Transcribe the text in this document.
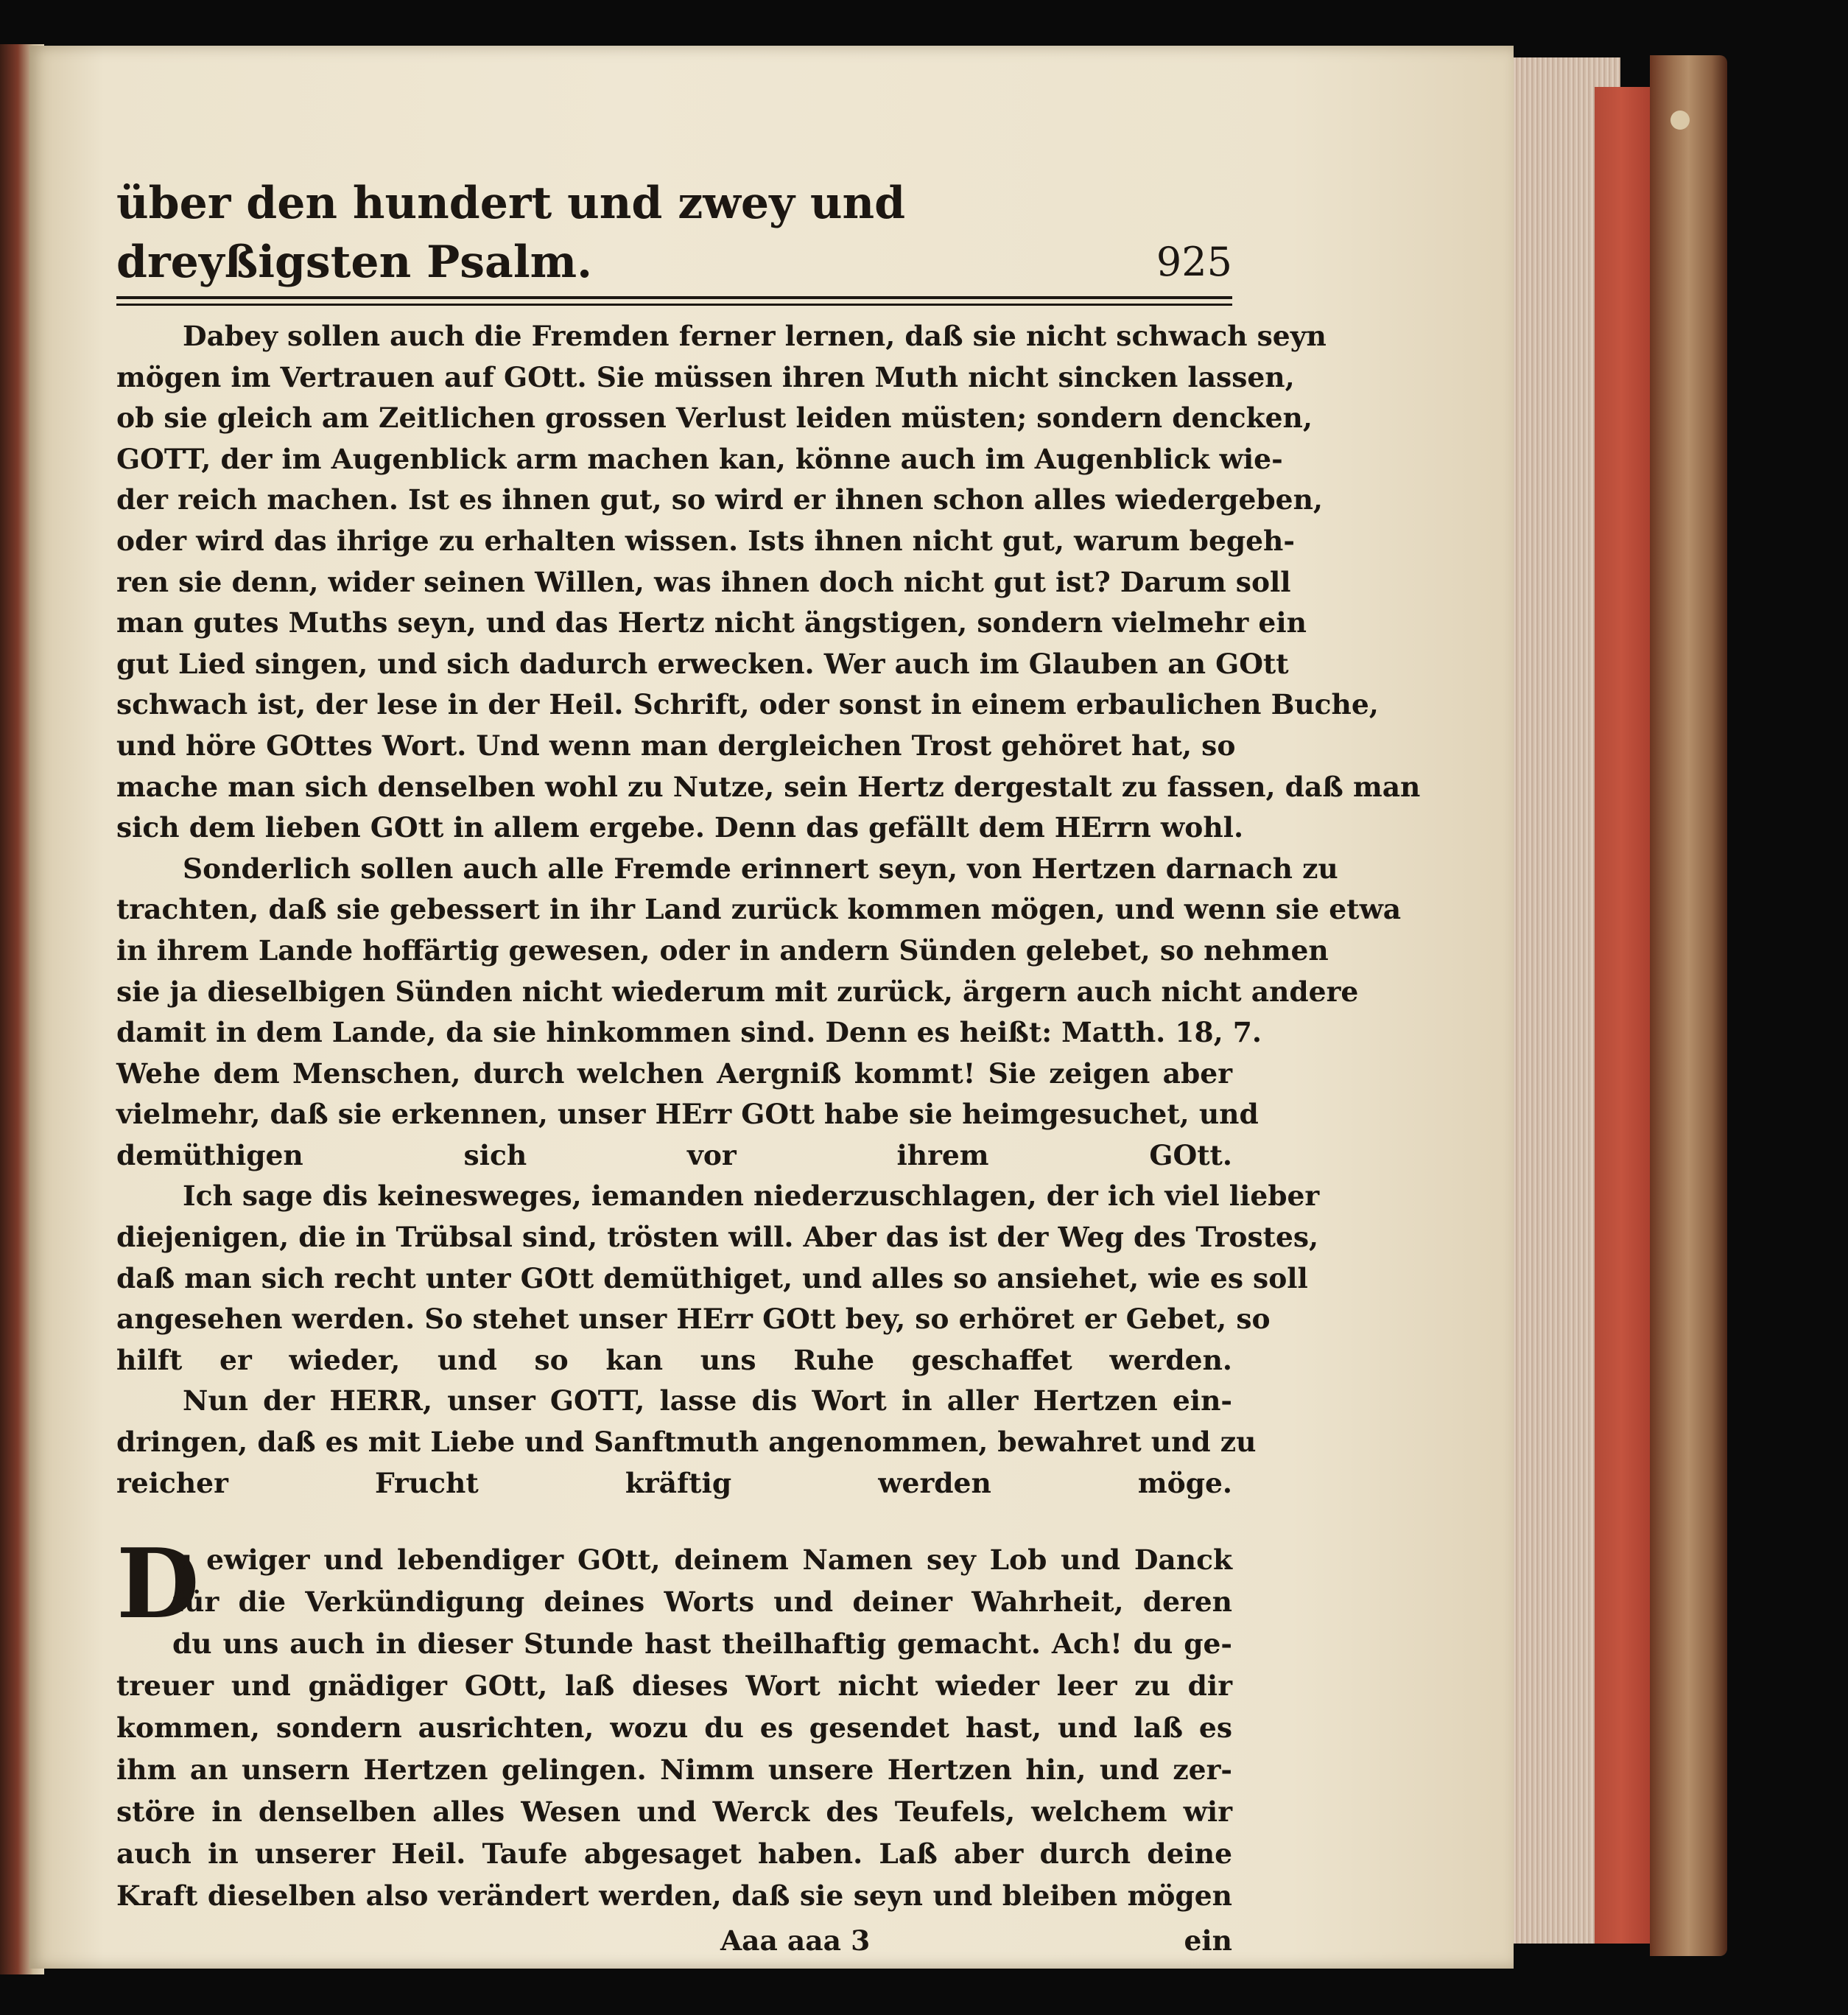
über den hundert und zwey und dreyßigsten Psalm.	925

Dabey sollen auch die Fremden ferner lernen, daß sie nicht schwach seyn
mögen im Vertrauen auf GOtt. Sie müssen ihren Muth nicht sincken lassen,
ob sie gleich am Zeitlichen grossen Verlust leiden müsten; sondern dencken,
GOTT, der im Augenblick arm machen kan, könne auch im Augenblick wie-
der reich machen. Ist es ihnen gut, so wird er ihnen schon alles wiedergeben,
oder wird das ihrige zu erhalten wissen. Ists ihnen nicht gut, warum begeh-
ren sie denn, wider seinen Willen, was ihnen doch nicht gut ist? Darum soll
man gutes Muths seyn, und das Hertz nicht ängstigen, sondern vielmehr ein
gut Lied singen, und sich dadurch erwecken. Wer auch im Glauben an GOtt
schwach ist, der lese in der Heil. Schrift, oder sonst in einem erbaulichen Buche,
und höre GOttes Wort. Und wenn man dergleichen Trost gehöret hat, so
mache man sich denselben wohl zu Nutze, sein Hertz dergestalt zu fassen, daß man
sich dem lieben GOtt in allem ergebe. Denn das gefällt dem HErrn wohl.

Sonderlich sollen auch alle Fremde erinnert seyn, von Hertzen darnach zu
trachten, daß sie gebessert in ihr Land zurück kommen mögen, und wenn sie etwa
in ihrem Lande hoffärtig gewesen, oder in andern Sünden gelebet, so nehmen
sie ja dieselbigen Sünden nicht wiederum mit zurück, ärgern auch nicht andere
damit in dem Lande, da sie hinkommen sind. Denn es heißt: Matth. 18, 7.
Wehe dem Menschen, durch welchen Aergniß kommt! Sie zeigen aber
vielmehr, daß sie erkennen, unser HErr GOtt habe sie heimgesuchet, und
demüthigen sich vor ihrem GOtt.

Ich sage dis keinesweges, iemanden niederzuschlagen, der ich viel lieber
diejenigen, die in Trübsal sind, trösten will. Aber das ist der Weg des Trostes,
daß man sich recht unter GOtt demüthiget, und alles so ansiehet, wie es soll
angesehen werden. So stehet unser HErr GOtt bey, so erhöret er Gebet, so
hilft er wieder, und so kan uns Ruhe geschaffet werden.

Nun der HERR, unser GOTT, lasse dis Wort in aller Hertzen ein-
dringen, daß es mit Liebe und Sanftmuth angenommen, bewahret und zu
reicher Frucht kräftig werden möge.

D
u ewiger und lebendiger GOtt, deinem Namen sey Lob und Danck
für die Verkündigung deines Worts und deiner Wahrheit, deren
du uns auch in dieser Stunde hast theilhaftig gemacht. Ach! du ge-
treuer und gnädiger GOtt, laß dieses Wort nicht wieder leer zu dir
kommen, sondern ausrichten, wozu du es gesendet hast, und laß es
ihm an unsern Hertzen gelingen. Nimm unsere Hertzen hin, und zer-
störe in denselben alles Wesen und Werck des Teufels, welchem wir
auch in unserer Heil. Taufe abgesaget haben. Laß aber durch deine
Kraft dieselben also verändert werden, daß sie seyn und bleiben mögen
Aaa aaa 3	ein
